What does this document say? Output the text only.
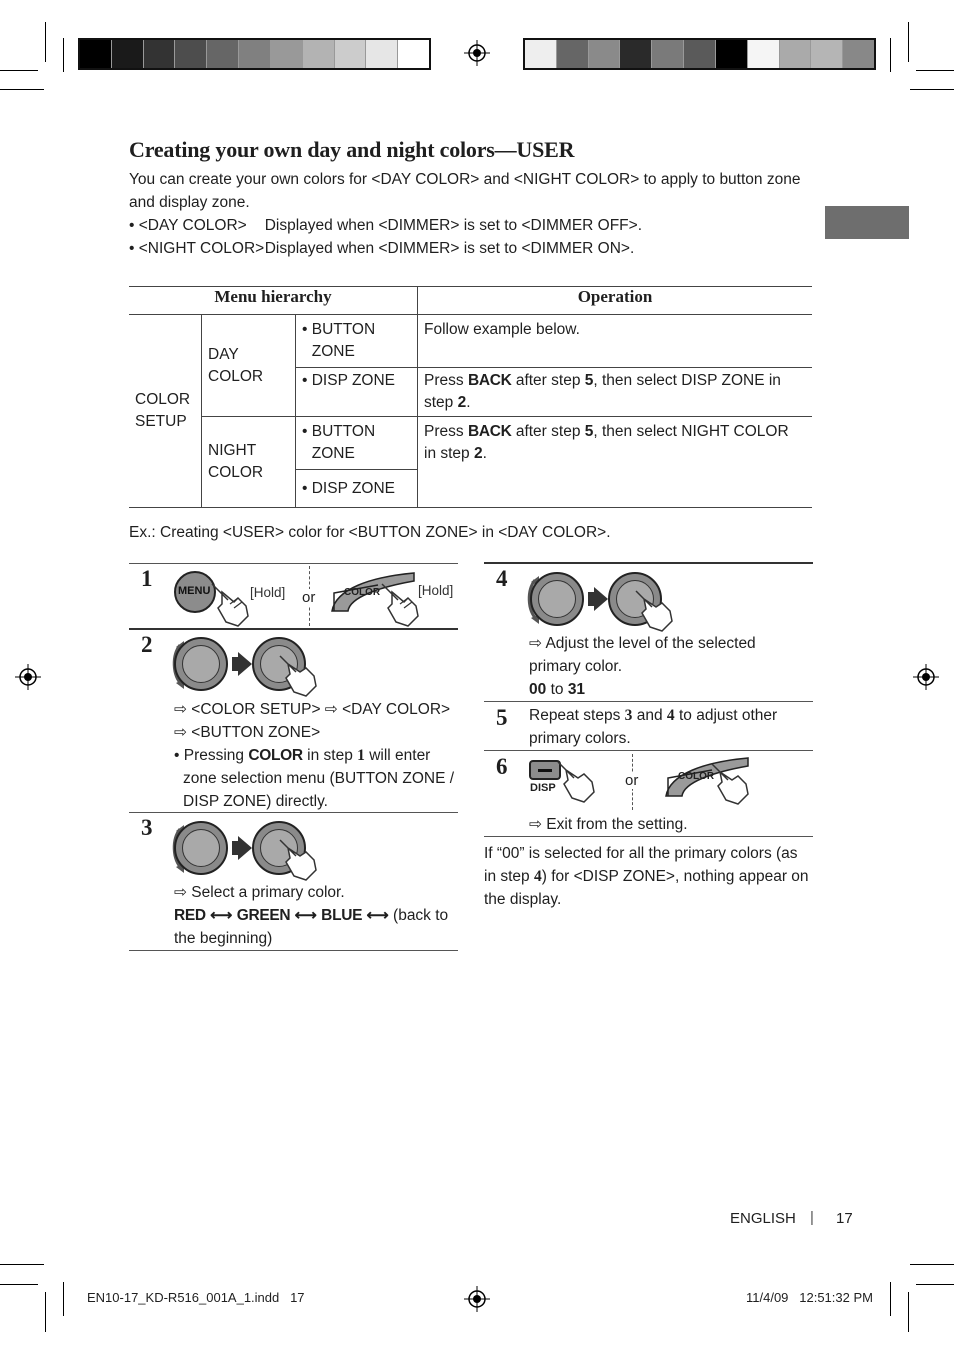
Creating your own day and night colors—USER
You can create your own colors for <DAY COLOR> and <NIGHT COLOR> to apply to button zone
and display zone.
• <DAY COLOR> Displayed when <DIMMER> is set to <DIMMER OFF>.
• <NIGHT COLOR>Displayed when <DIMMER> is set to <DIMMER ON>.
Menu hierarchy			Operation

COLOR SETUP	DAY COLOR	• BUTTON ZONE	Follow example below.

		• DISP ZONE	Press BACK after step 5, then select DISP ZONE in step 2.

	NIGHT COLOR	• BUTTON ZONE	Press BACK after step 5, then select NIGHT COLOR in step 2.

		• DISP ZONE	
Ex.: Creating <USER> color for <BUTTON ZONE> in <DAY COLOR>.
1 MENU	[Hold] or	COLOR	[Hold]
2
⇨ <COLOR SETUP> ⇨ <DAY COLOR>
⇨ <BUTTON ZONE>
• Pressing COLOR in step 1 will enter
zone selection menu (BUTTON ZONE /
DISP ZONE) directly.
3
⇨ Select a primary color.
RED ⟷ GREEN ⟷ BLUE ⟷ (back to
the beginning)
4
⇨ Adjust the level of the selected
primary color.
00 to 31
5 Repeat steps 3 and 4 to adjust other
primary colors.
6
DISP	or	COLOR
⇨ Exit from the setting.
If “00” is selected for all the primary colors (as
in step 4) for <DISP ZONE>, nothing appear on
the display.
ENGLISH | 17
EN10-17_KD-R516_001A_1.indd   17	11/4/09   12:51:32 PM
